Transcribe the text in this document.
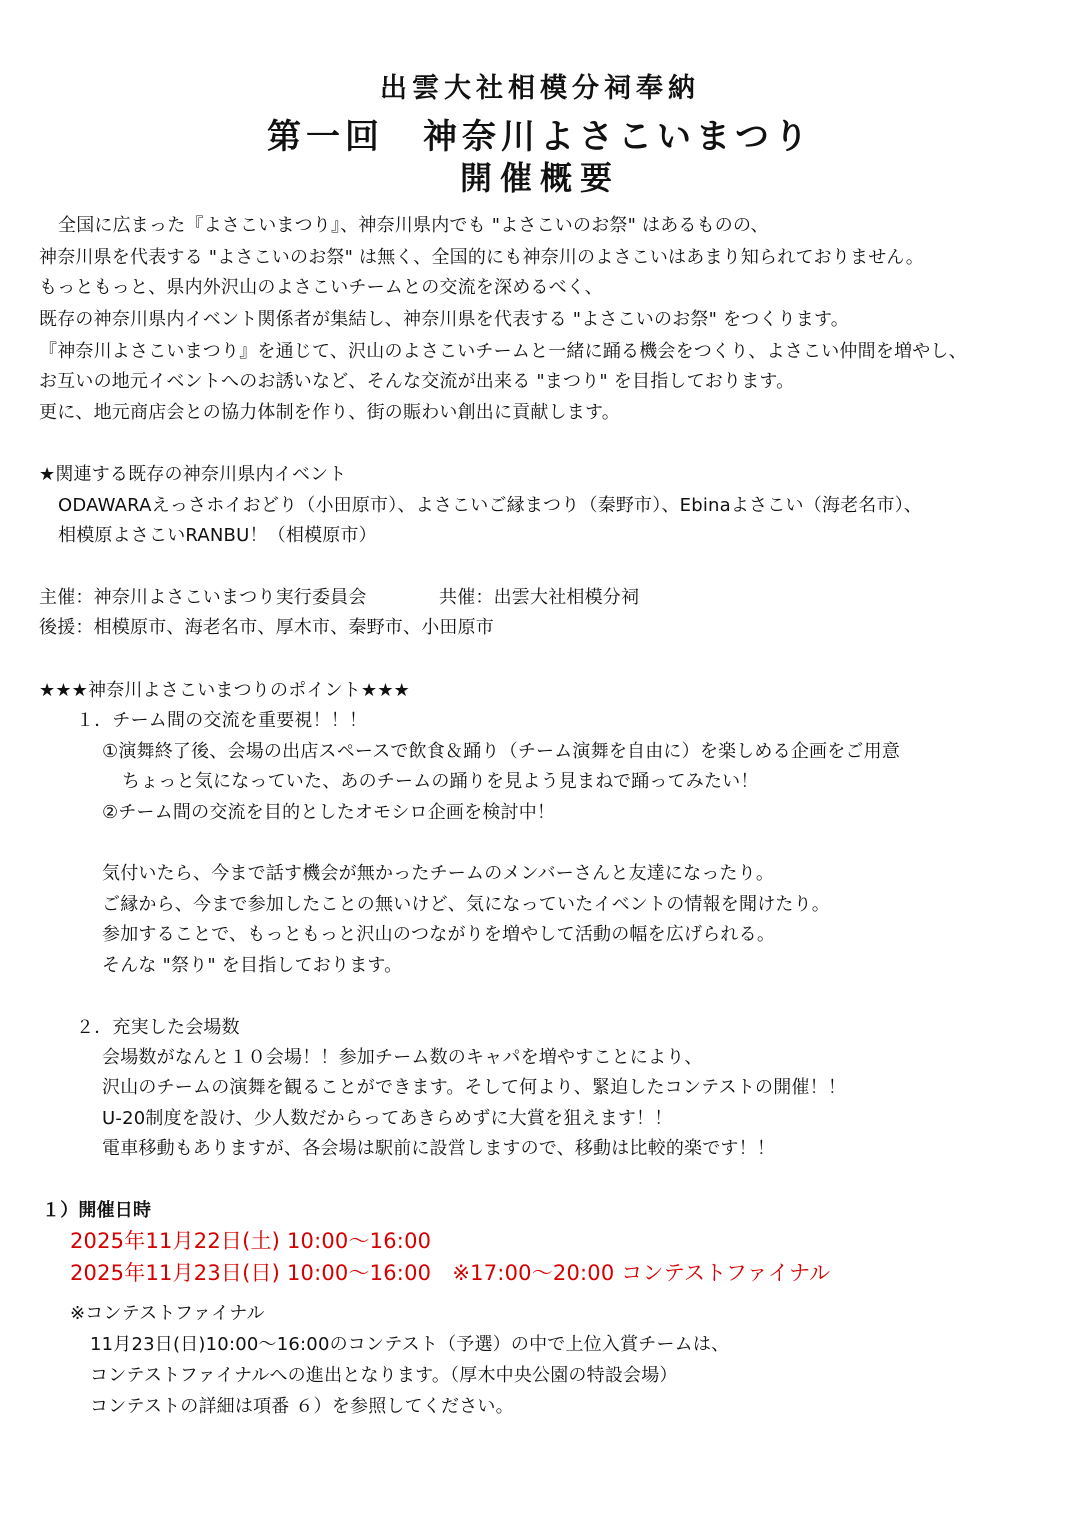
出雲大社相模分祠奉納
第一回　神奈川よさこいまつり
開催概要
全国に広まった『よさこいまつり』、神奈川県内でも "よさこいのお祭" はあるものの、
神奈川県を代表する "よさこいのお祭" は無く、全国的にも神奈川のよさこいはあまり知られておりません。
もっともっと、県内外沢山のよさこいチームとの交流を深めるべく、
既存の神奈川県内イベント関係者が集結し、神奈川県を代表する "よさこいのお祭" をつくります。
『神奈川よさこいまつり』を通じて、沢山のよさこいチームと一緒に踊る機会をつくり、よさこい仲間を増やし、
お互いの地元イベントへのお誘いなど、そんな交流が出来る "まつり" を目指しております。
更に、地元商店会との協力体制を作り、街の賑わい創出に貢献します。
★関連する既存の神奈川県内イベント
ODAWARAえっさホイおどり（小田原市）、よさこいご縁まつり（秦野市）、Ebinaよさこい（海老名市）、
相模原よさこいRANBU！（相模原市）
主催：神奈川よさこいまつり実行委員会	共催：出雲大社相模分祠
後援：相模原市、海老名市、厚木市、秦野市、小田原市
★★★神奈川よさこいまつりのポイント★★★
１．チーム間の交流を重要視！！！
①演舞終了後、会場の出店スペースで飲食＆踊り（チーム演舞を自由に）を楽しめる企画をご用意
ちょっと気になっていた、あのチームの踊りを見よう見まねで踊ってみたい！
②チーム間の交流を目的としたオモシロ企画を検討中！
気付いたら、今まで話す機会が無かったチームのメンバーさんと友達になったり。
ご縁から、今まで参加したことの無いけど、気になっていたイベントの情報を聞けたり。
参加することで、もっともっと沢山のつながりを増やして活動の幅を広げられる。
そんな "祭り" を目指しております。
２．充実した会場数
会場数がなんと１０会場！！参加チーム数のキャパを増やすことにより、
沢山のチームの演舞を観ることができます。そして何より、緊迫したコンテストの開催！！
U-20制度を設け、少人数だからってあきらめずに大賞を狙えます！！
電車移動もありますが、各会場は駅前に設営しますので、移動は比較的楽です！！
１）開催日時
2025年11月22日(土) 10:00～16:00
2025年11月23日(日) 10:00～16:00　※17:00～20:00 コンテストファイナル
※コンテストファイナル
11月23日(日)10:00～16:00のコンテスト（予選）の中で上位入賞チームは、
コンテストファイナルへの進出となります。（厚木中央公園の特設会場）
コンテストの詳細は項番 ６）を参照してください。
